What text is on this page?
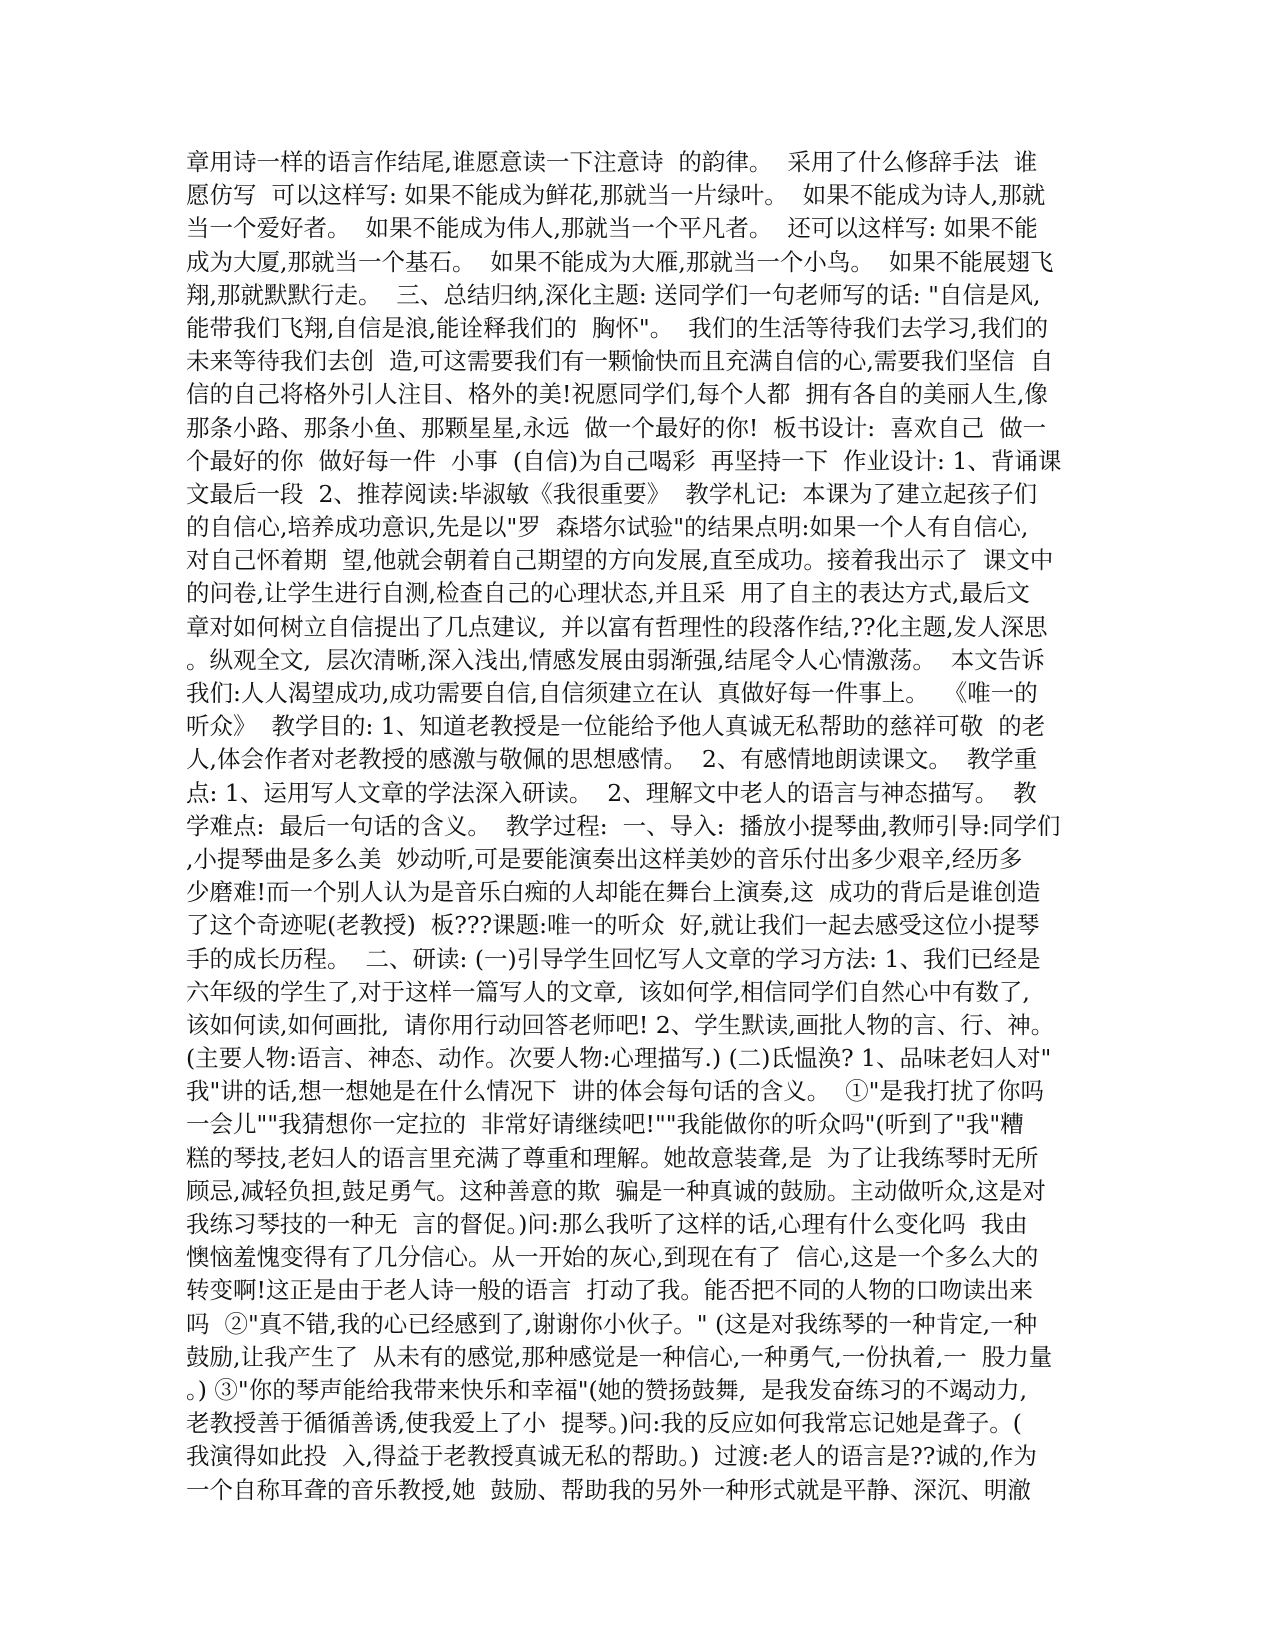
章用诗一样的语言作结尾,谁愿意读一下注意诗  的韵律。  采用了什么修辞手法  谁
愿仿写  可以这样写: 如果不能成为鲜花,那就当一片绿叶。  如果不能成为诗人,那就
当一个爱好者。  如果不能成为伟人,那就当一个平凡者。  还可以这样写: 如果不能
成为大厦,那就当一个基石。  如果不能成为大雁,那就当一个小鸟。  如果不能展翅飞
翔,那就默默行走。  三、总结归纳,深化主题: 送同学们一句老师写的话: "自信是风,
能带我们飞翔,自信是浪,能诠释我们的  胸怀"。  我们的生活等待我们去学习,我们的
未来等待我们去创  造,可这需要我们有一颗愉快而且充满自信的心,需要我们坚信  自
信的自己将格外引人注目、格外的美!祝愿同学们,每个人都  拥有各自的美丽人生,像
那条小路、那条小鱼、那颗星星,永远  做一个最好的你!  板书设计:  喜欢自己  做一
个最好的你  做好每一件  小事  (自信)为自己喝彩  再坚持一下  作业设计: 1、背诵课
文最后一段  2、推荐阅读:毕淑敏《我很重要》  教学札记:  本课为了建立起孩子们
的自信心,培养成功意识,先是以"罗  森塔尔试验"的结果点明:如果一个人有自信心,
对自己怀着期  望,他就会朝着自己期望的方向发展,直至成功。接着我出示了  课文中
的问卷,让学生进行自测,检查自己的心理状态,并且采  用了自主的表达方式,最后文
章对如何树立自信提出了几点建议,  并以富有哲理性的段落作结,??化主题,发人深思
。纵观全文,  层次清晰,深入浅出,情感发展由弱渐强,结尾令人心情激荡。  本文告诉
我们:人人渴望成功,成功需要自信,自信须建立在认  真做好每一件事上。  《唯一的
听众》  教学目的: 1、知道老教授是一位能给予他人真诚无私帮助的慈祥可敬  的老
人,体会作者对老教授的感激与敬佩的思想感情。  2、有感情地朗读课文。  教学重
点: 1、运用写人文章的学法深入研读。  2、理解文中老人的语言与神态描写。  教
学难点:  最后一句话的含义。  教学过程:  一、导入:  播放小提琴曲,教师引导:同学们
,小提琴曲是多么美  妙动听,可是要能演奏出这样美妙的音乐付出多少艰辛,经历多
少磨难!而一个别人认为是音乐白痴的人却能在舞台上演奏,这  成功的背后是谁创造
了这个奇迹呢(老教授)  板???课题:唯一的听众  好,就让我们一起去感受这位小提琴
手的成长历程。  二、研读: (一)引导学生回忆写人文章的学习方法: 1、我们已经是
六年级的学生了,对于这样一篇写人的文章,  该如何学,相信同学们自然心中有数了,
该如何读,如何画批,  请你用行动回答老师吧! 2、学生默读,画批人物的言、行、神。
(主要人物:语言、神态、动作。次要人物:心理描写.) (二)氐愠涣? 1、品味老妇人对"
我"讲的话,想一想她是在什么情况下  讲的体会每句话的含义。  ①"是我打扰了你吗
一会儿""我猜想你一定拉的  非常好请继续吧!""我能做你的听众吗"(听到了"我"糟
糕的琴技,老妇人的语言里充满了尊重和理解。她故意装聋,是  为了让我练琴时无所
顾忌,减轻负担,鼓足勇气。这种善意的欺  骗是一种真诚的鼓励。主动做听众,这是对
我练习琴技的一种无  言的督促。)问:那么我听了这样的话,心理有什么变化吗  我由
懊恼羞愧变得有了几分信心。从一开始的灰心,到现在有了  信心,这是一个多么大的
转变啊!这正是由于老人诗一般的语言  打动了我。能否把不同的人物的口吻读出来
吗  ②"真不错,我的心已经感到了,谢谢你小伙子。" (这是对我练琴的一种肯定,一种
鼓励,让我产生了  从未有的感觉,那种感觉是一种信心,一种勇气,一份执着,一  股力量
。) ③"你的琴声能给我带来快乐和幸福"(她的赞扬鼓舞,  是我发奋练习的不竭动力,
老教授善于循循善诱,使我爱上了小  提琴。)问:我的反应如何我常忘记她是聋子。(
我演得如此投  入,得益于老教授真诚无私的帮助。)  过渡:老人的语言是??诚的,作为
一个自称耳聋的音乐教授,她  鼓励、帮助我的另外一种形式就是平静、深沉、明澈
